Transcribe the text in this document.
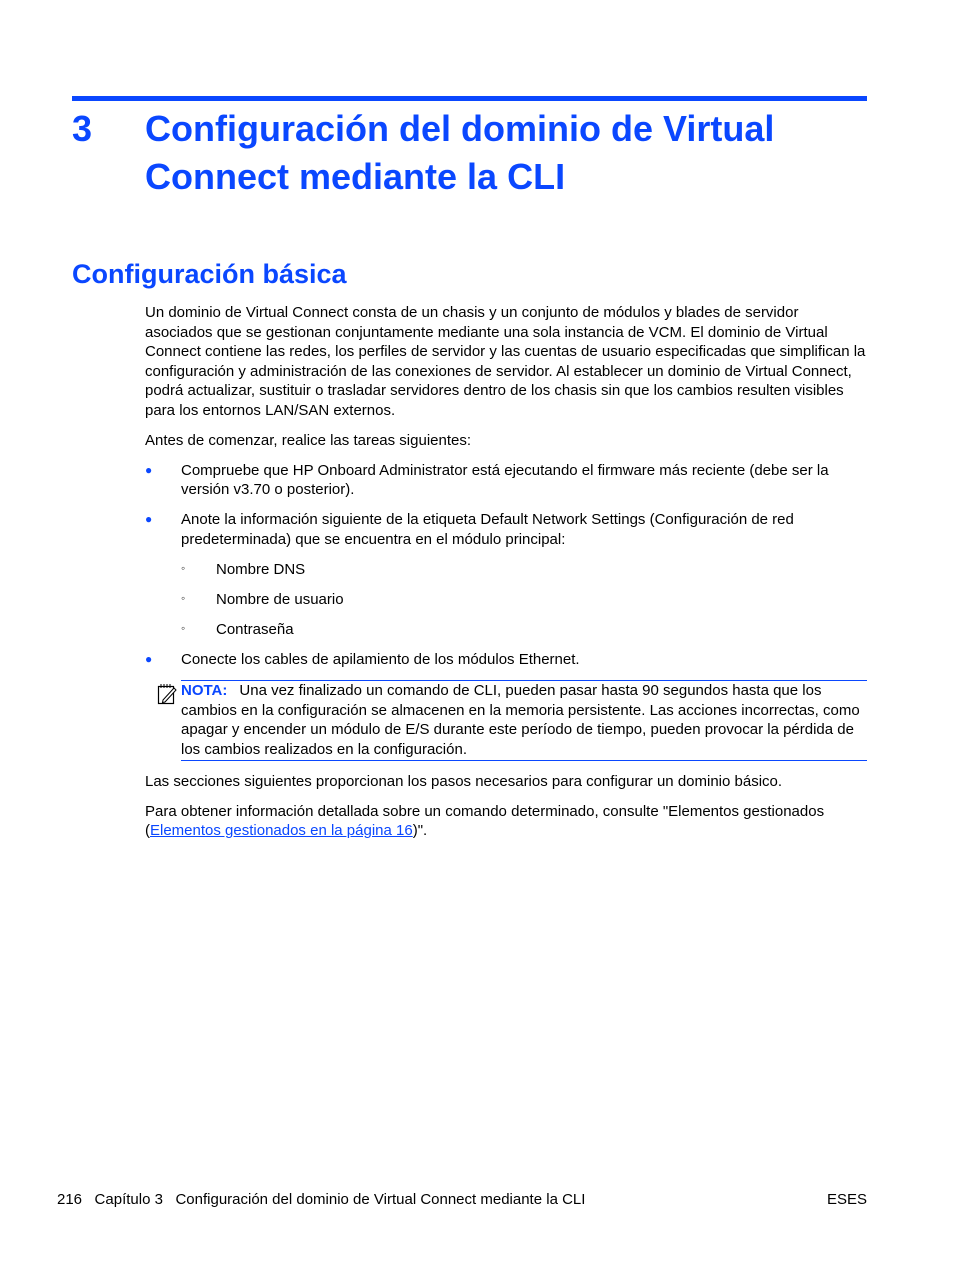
3 Configuración del dominio de Virtual Connect mediante la CLI
Configuración básica

Un dominio de Virtual Connect consta de un chasis y un conjunto de módulos y blades de servidor asociados que se gestionan conjuntamente mediante una sola instancia de VCM. El dominio de Virtual Connect contiene las redes, los perfiles de servidor y las cuentas de usuario especificadas que simplifican la configuración y administración de las conexiones de servidor. Al establecer un dominio de Virtual Connect, podrá actualizar, sustituir o trasladar servidores dentro de los chasis sin que los cambios resulten visibles para los entornos LAN/SAN externos.

Antes de comenzar, realice las tareas siguientes:

● Compruebe que HP Onboard Administrator está ejecutando el firmware más reciente (debe ser la versión v3.70 o posterior).
● Anote la información siguiente de la etiqueta Default Network Settings (Configuración de red predeterminada) que se encuentra en el módulo principal:
◦ Nombre DNS
◦ Nombre de usuario
◦ Contraseña
● Conecte los cables de apilamiento de los módulos Ethernet.
NOTA: Una vez finalizado un comando de CLI, pueden pasar hasta 90 segundos hasta que los cambios en la configuración se almacenen en la memoria persistente. Las acciones incorrectas, como apagar y encender un módulo de E/S durante este período de tiempo, pueden provocar la pérdida de los cambios realizados en la configuración.

Las secciones siguientes proporcionan los pasos necesarios para configurar un dominio básico.

Para obtener información detallada sobre un comando determinado, consulte "Elementos gestionados (Elementos gestionados en la página 16)".

216 Capítulo 3 Configuración del dominio de Virtual Connect mediante la CLI	ESES
